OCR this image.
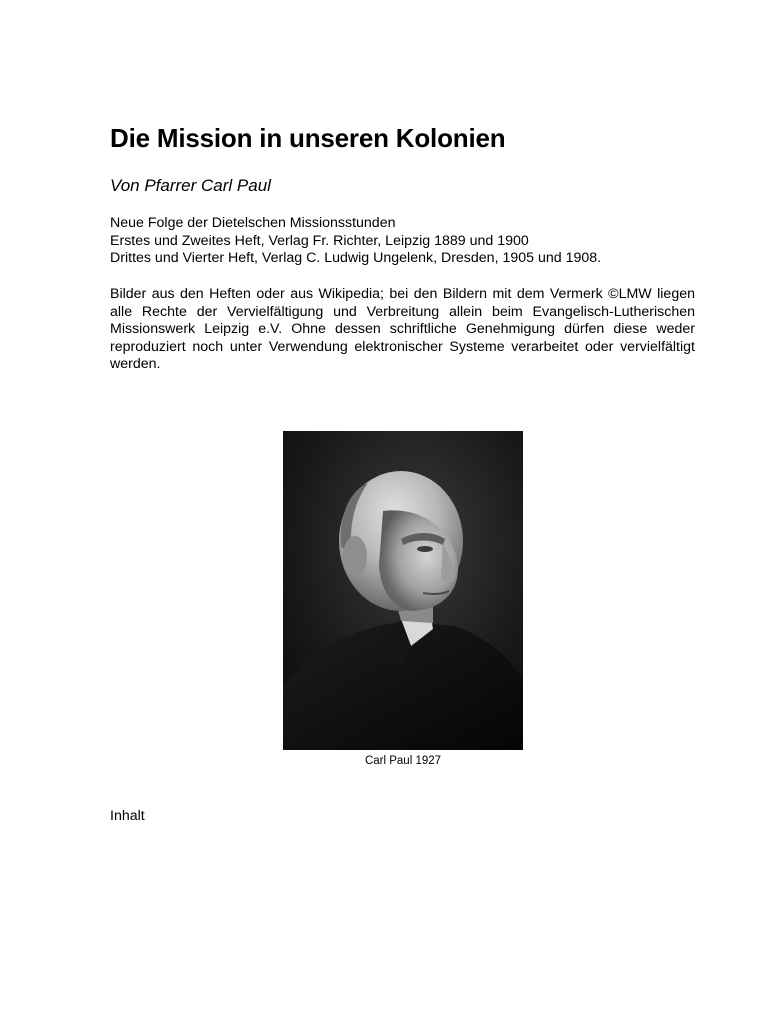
Die Mission in unseren Kolonien
Von Pfarrer Carl Paul
Neue Folge der Dietelschen Missionsstunden
Erstes und Zweites Heft, Verlag Fr. Richter, Leipzig 1889 und 1900
Drittes und Vierter Heft, Verlag C. Ludwig Ungelenk, Dresden, 1905 und 1908.
Bilder aus den Heften oder aus Wikipedia; bei den Bildern mit dem Vermerk ©LMW liegen alle Rechte der Vervielfältigung und Verbreitung allein beim Evangelisch-Lutherischen Missionswerk Leipzig e.V. Ohne dessen schriftliche Genehmigung dürfen diese weder reproduziert noch unter Verwendung elektronischer Systeme verarbeitet oder vervielfältigt werden.
Carl Paul 1927
Inhalt
